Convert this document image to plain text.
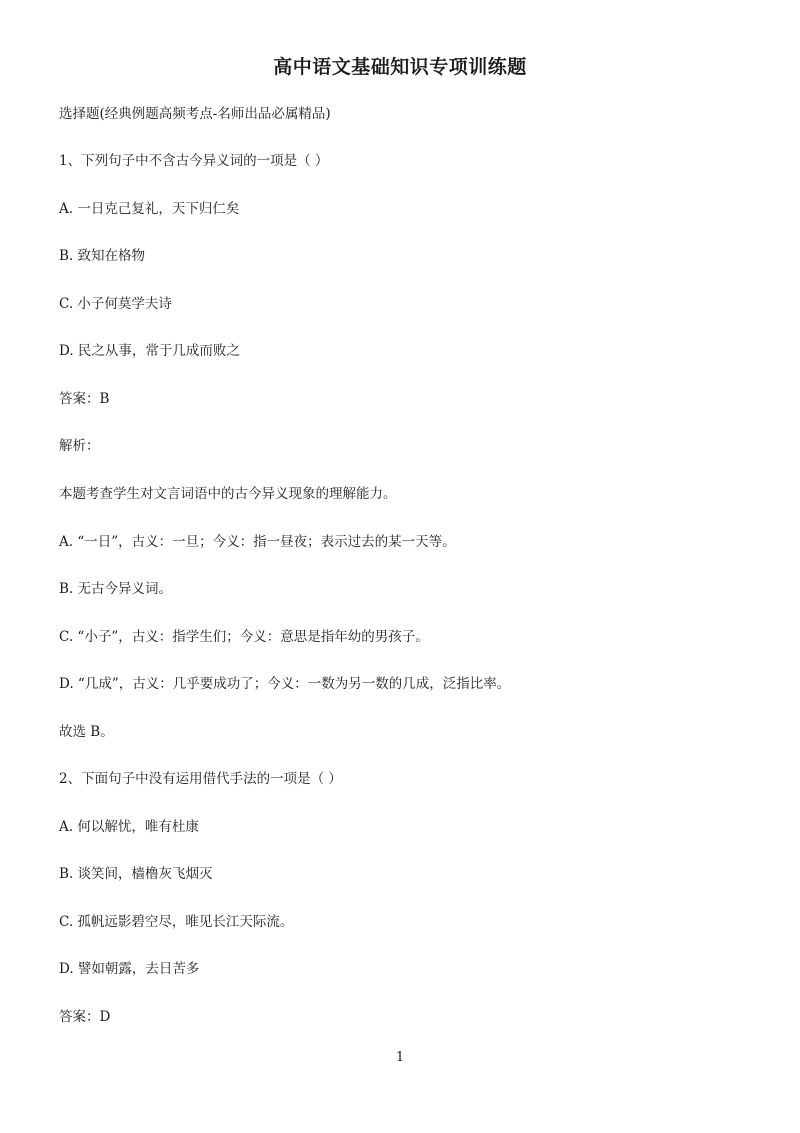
高中语文基础知识专项训练题
选择题(经典例题高频考点-名师出品必属精品)
1、下列句子中不含古今异义词的一项是（ ）
A. 一日克己复礼，天下归仁矣
B. 致知在格物
C. 小子何莫学夫诗
D. 民之从事，常于几成而败之
答案：B
解析：
本题考查学生对文言词语中的古今异义现象的理解能力。
A. “一日”，古义：一旦；今义：指一昼夜；表示过去的某一天等。
B. 无古今异义词。
C. “小子”，古义：指学生们；今义：意思是指年幼的男孩子。
D. “几成”，古义：几乎要成功了；今义：一数为另一数的几成，泛指比率。
故选 B。
2、下面句子中没有运用借代手法的一项是（ ）
A. 何以解忧，唯有杜康
B. 谈笑间，樯橹灰飞烟灭
C. 孤帆远影碧空尽，唯见长江天际流。
D. 譬如朝露，去日苦多
答案：D
1
